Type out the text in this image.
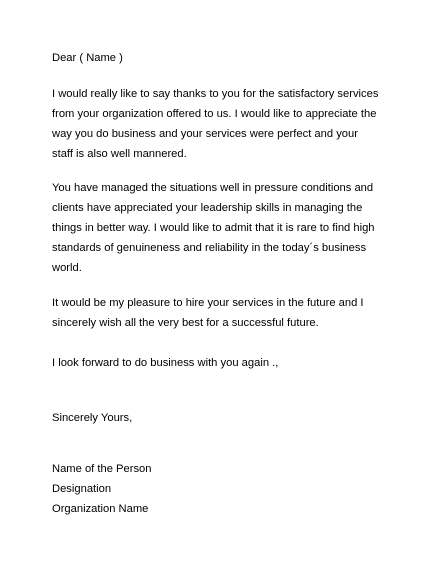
Dear ( Name )
I would really like to say thanks to you for the satisfactory services
from your organization offered to us. I would like to appreciate the
way you do business and your services were perfect and your
staff is also well mannered.
You have managed the situations well in pressure conditions and
clients have appreciated your leadership skills in managing the
things in better way. I would like to admit that it is rare to find high
standards of genuineness and reliability in the today´s business
world.
It would be my pleasure to hire your services in the future and I
sincerely wish all the very best for a successful future.
I look forward to do business with you again .,
Sincerely Yours,
Name of the Person
Designation
Organization Name
